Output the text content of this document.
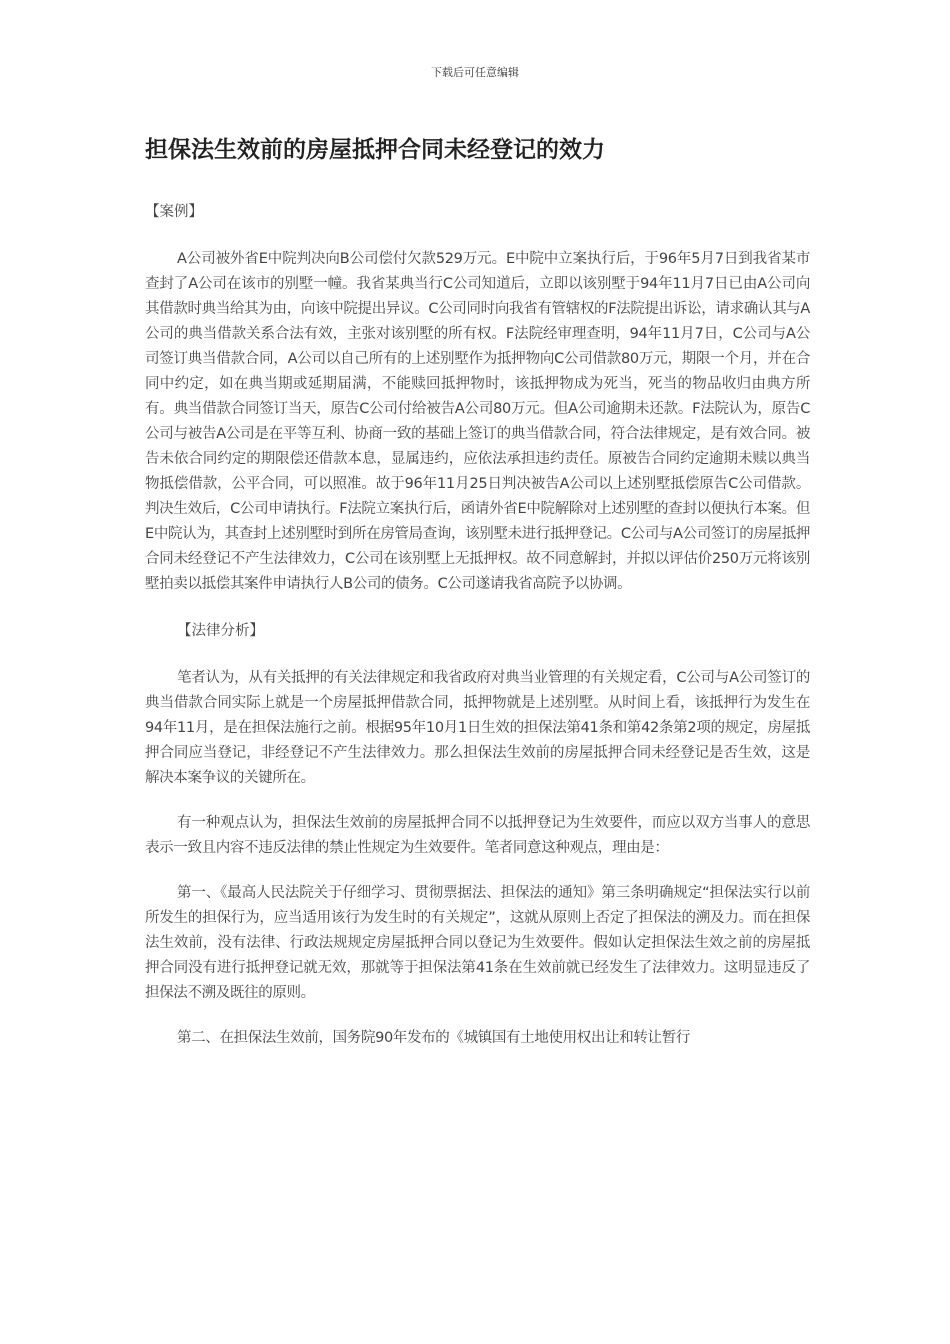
下载后可任意编辑
担保法生效前的房屋抵押合同未经登记的效力

【案例】

A公司被外省E中院判决向B公司偿付欠款529万元。E中院中立案执行后，于96年5月7日到我省某市查封了A公司在该市的别墅一幢。我省某典当行C公司知道后，立即以该别墅于94年11月7日已由A公司向其借款时典当给其为由，向该中院提出异议。C公司同时向我省有管辖权的F法院提出诉讼，请求确认其与A公司的典当借款关系合法有效，主张对该别墅的所有权。F法院经审理查明，94年11月7日，C公司与A公司签订典当借款合同，A公司以自己所有的上述别墅作为抵押物向C公司借款80万元，期限一个月，并在合同中约定，如在典当期或延期届满，不能赎回抵押物时，该抵押物成为死当，死当的物品收归由典方所有。典当借款合同签订当天，原告C公司付给被告A公司80万元。但A公司逾期未还款。F法院认为，原告C公司与被告A公司是在平等互利、协商一致的基础上签订的典当借款合同，符合法律规定，是有效合同。被告未依合同约定的期限偿还借款本息，显属违约，应依法承担违约责任。原被告合同约定逾期未赎以典当物抵偿借款，公平合同，可以照准。故于96年11月25日判决被告A公司以上述别墅抵偿原告C公司借款。判决生效后，C公司申请执行。F法院立案执行后，函请外省E中院解除对上述别墅的查封以便执行本案。但E中院认为，其查封上述别墅时到所在房管局查询，该别墅未进行抵押登记。C公司与A公司签订的房屋抵押合同未经登记不产生法律效力，C公司在该别墅上无抵押权。故不同意解封，并拟以评估价250万元将该别墅拍卖以抵偿其案件申请执行人B公司的债务。C公司遂请我省高院予以协调。

【法律分析】

笔者认为，从有关抵押的有关法律规定和我省政府对典当业管理的有关规定看，C公司与A公司签订的典当借款合同实际上就是一个房屋抵押借款合同，抵押物就是上述别墅。从时间上看，该抵押行为发生在94年11月，是在担保法施行之前。根据95年10月1日生效的担保法第41条和第42条第2项的规定，房屋抵押合同应当登记，非经登记不产生法律效力。那么担保法生效前的房屋抵押合同未经登记是否生效，这是解决本案争议的关键所在。

有一种观点认为，担保法生效前的房屋抵押合同不以抵押登记为生效要件，而应以双方当事人的意思表示一致且内容不违反法律的禁止性规定为生效要件。笔者同意这种观点，理由是：

第一、《最高人民法院关于仔细学习、贯彻票据法、担保法的通知》第三条明确规定“担保法实行以前所发生的担保行为，应当适用该行为发生时的有关规定”，这就从原则上否定了担保法的溯及力。而在担保法生效前，没有法律、行政法规规定房屋抵押合同以登记为生效要件。假如认定担保法生效之前的房屋抵押合同没有进行抵押登记就无效，那就等于担保法第41条在生效前就已经发生了法律效力。这明显违反了担保法不溯及既往的原则。

第二、在担保法生效前，国务院90年发布的《城镇国有土地使用权出让和转让暂行
